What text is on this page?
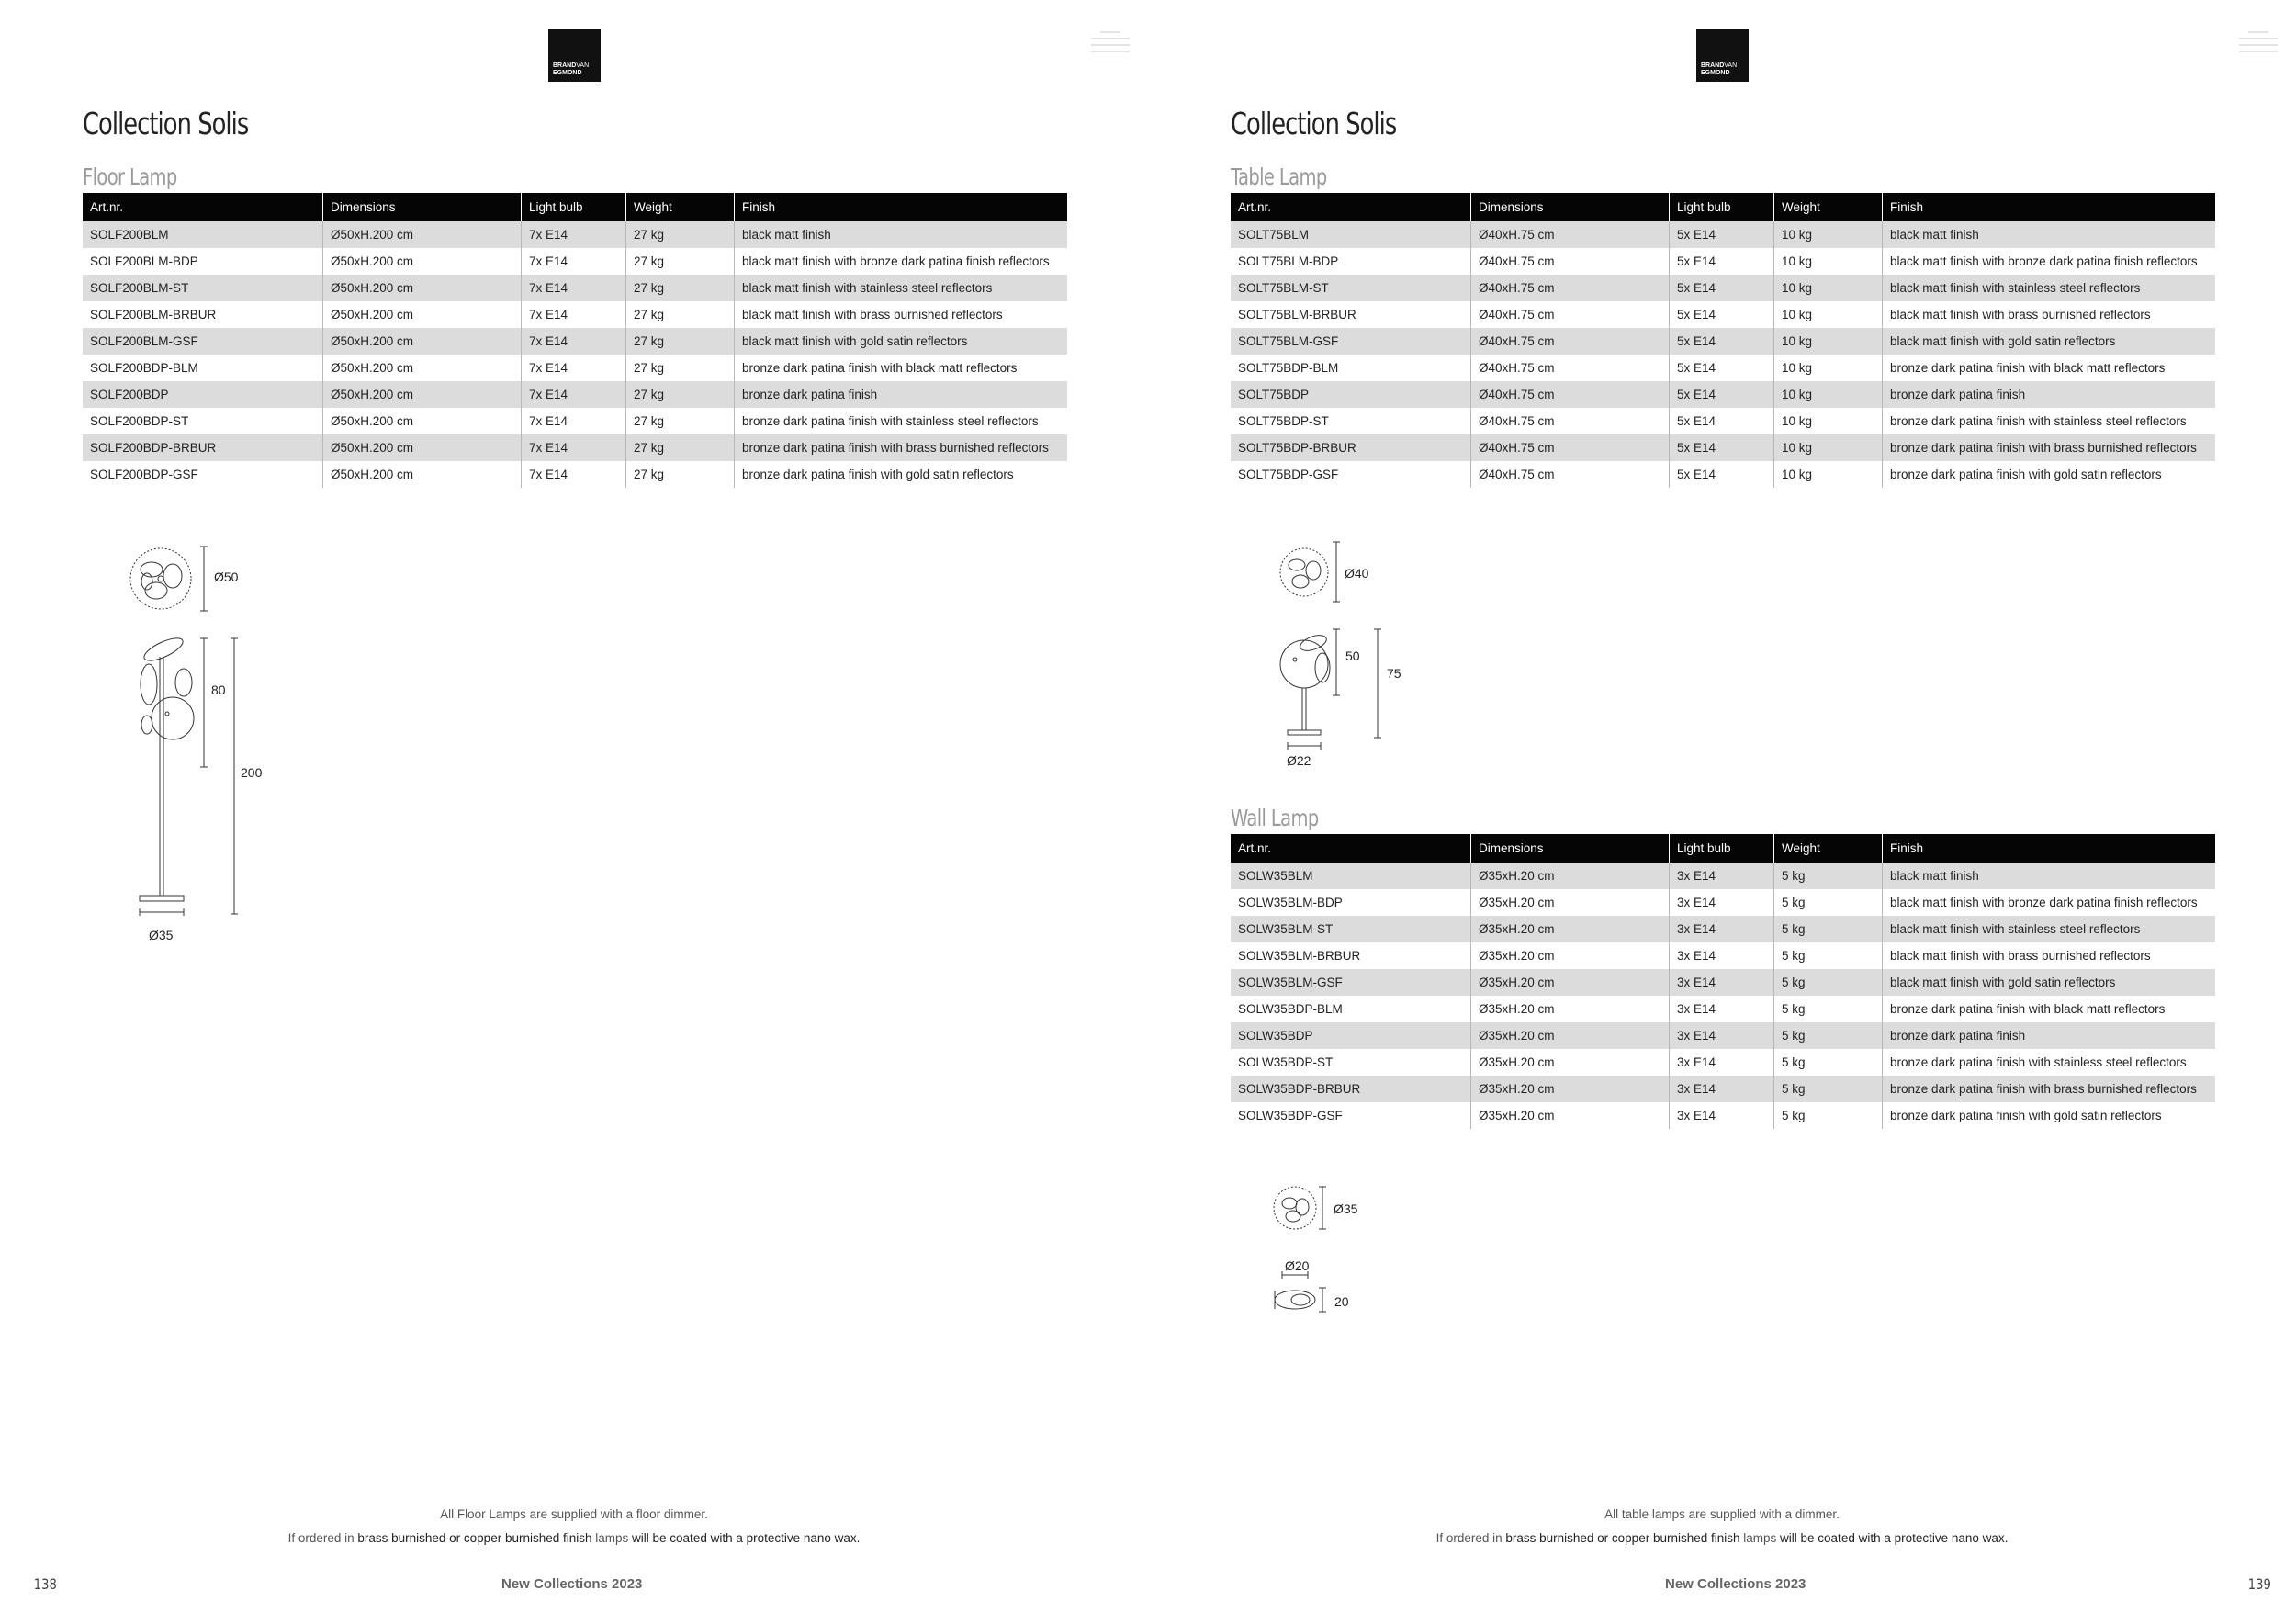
BRANDVAN
EGMOND
Collection Solis
Floor Lamp
Art.nr.	Dimensions	Light bulb	Weight	Finish
SOLF200BLM	Ø50xH.200 cm	7x E14	27 kg	black matt finish
SOLF200BLM-BDP	Ø50xH.200 cm	7x E14	27 kg	black matt finish with bronze dark patina finish reflectors
SOLF200BLM-ST	Ø50xH.200 cm	7x E14	27 kg	black matt finish with stainless steel reflectors
SOLF200BLM-BRBUR	Ø50xH.200 cm	7x E14	27 kg	black matt finish with brass burnished reflectors
SOLF200BLM-GSF	Ø50xH.200 cm	7x E14	27 kg	black matt finish with gold satin reflectors
SOLF200BDP-BLM	Ø50xH.200 cm	7x E14	27 kg	bronze dark patina finish with black matt reflectors
SOLF200BDP	Ø50xH.200 cm	7x E14	27 kg	bronze dark patina finish
SOLF200BDP-ST	Ø50xH.200 cm	7x E14	27 kg	bronze dark patina finish with stainless steel reflectors
SOLF200BDP-BRBUR	Ø50xH.200 cm	7x E14	27 kg	bronze dark patina finish with brass burnished reflectors
SOLF200BDP-GSF	Ø50xH.200 cm	7x E14	27 kg	bronze dark patina finish with gold satin reflectors
Ø50
80
200
Ø35
All Floor Lamps are supplied with a floor dimmer.
If ordered in brass burnished or copper burnished finish lamps will be coated with a protective nano wax.
138	New Collections 2023
BRANDVAN
EGMOND
Collection Solis
Table Lamp
Art.nr.	Dimensions	Light bulb	Weight	Finish
SOLT75BLM	Ø40xH.75 cm	5x E14	10 kg	black matt finish
SOLT75BLM-BDP	Ø40xH.75 cm	5x E14	10 kg	black matt finish with bronze dark patina finish reflectors
SOLT75BLM-ST	Ø40xH.75 cm	5x E14	10 kg	black matt finish with stainless steel reflectors
SOLT75BLM-BRBUR	Ø40xH.75 cm	5x E14	10 kg	black matt finish with brass burnished reflectors
SOLT75BLM-GSF	Ø40xH.75 cm	5x E14	10 kg	black matt finish with gold satin reflectors
SOLT75BDP-BLM	Ø40xH.75 cm	5x E14	10 kg	bronze dark patina finish with black matt reflectors
SOLT75BDP	Ø40xH.75 cm	5x E14	10 kg	bronze dark patina finish
SOLT75BDP-ST	Ø40xH.75 cm	5x E14	10 kg	bronze dark patina finish with stainless steel reflectors
SOLT75BDP-BRBUR	Ø40xH.75 cm	5x E14	10 kg	bronze dark patina finish with brass burnished reflectors
SOLT75BDP-GSF	Ø40xH.75 cm	5x E14	10 kg	bronze dark patina finish with gold satin reflectors
Ø40
50
75
Ø22
Wall Lamp
Art.nr.	Dimensions	Light bulb	Weight	Finish
SOLW35BLM	Ø35xH.20 cm	3x E14	5 kg	black matt finish
SOLW35BLM-BDP	Ø35xH.20 cm	3x E14	5 kg	black matt finish with bronze dark patina finish reflectors
SOLW35BLM-ST	Ø35xH.20 cm	3x E14	5 kg	black matt finish with stainless steel reflectors
SOLW35BLM-BRBUR	Ø35xH.20 cm	3x E14	5 kg	black matt finish with brass burnished reflectors
SOLW35BLM-GSF	Ø35xH.20 cm	3x E14	5 kg	black matt finish with gold satin reflectors
SOLW35BDP-BLM	Ø35xH.20 cm	3x E14	5 kg	bronze dark patina finish with black matt reflectors
SOLW35BDP	Ø35xH.20 cm	3x E14	5 kg	bronze dark patina finish
SOLW35BDP-ST	Ø35xH.20 cm	3x E14	5 kg	bronze dark patina finish with stainless steel reflectors
SOLW35BDP-BRBUR	Ø35xH.20 cm	3x E14	5 kg	bronze dark patina finish with brass burnished reflectors
SOLW35BDP-GSF	Ø35xH.20 cm	3x E14	5 kg	bronze dark patina finish with gold satin reflectors
Ø35
Ø20
20
All table lamps are supplied with a dimmer.
If ordered in brass burnished or copper burnished finish lamps will be coated with a protective nano wax.
New Collections 2023	139
